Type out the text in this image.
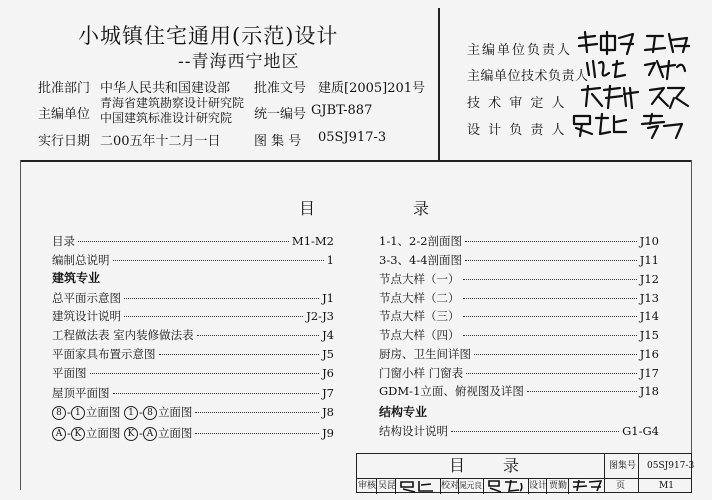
小城镇住宅通用(示范)设计
--青海西宁地区
批准部门 中华人民共和国建设部 批准文号 建质[2005]201号
主编单位
青海省建筑勘察设计研究院
中国建筑标准设计研究院 统一编号 GJBT-887
实行日期 二00五年十二月一日	图 集 号 05SJ917-3
主编单位负责人
主编单位技术负责人
技 术 审 定 人
设 计 负 责 人
目	录
目录	M1-M2
编制总说明	1
建筑专业
总平面示意图	J1
建筑设计说明	J2-J3
工程做法表 室内装修做法表	J4
平面家具布置示意图	J5
平面图	J6
屋顶平面图	J7
8 - 1 立面图 1 - 8 立面图	J8
A - K 立面图 K - A 立面图	J9
1-1、2-2剖面图	J10
3-3、4-4剖面图	J11
节点大样（一）	J12
节点大样（二）	J13
节点大样（三）	J14
节点大样（四）	J15
厨房、卫生间详图	J16
门窗小样 门窗表	J17
GDM-1立面、俯视图及详图	J18
结构专业
结构设计说明	G1-G4
目 录	图集号 05SJ917-3
审核 吴昆	校对 晁元良	设计 贾勤	页	M1
